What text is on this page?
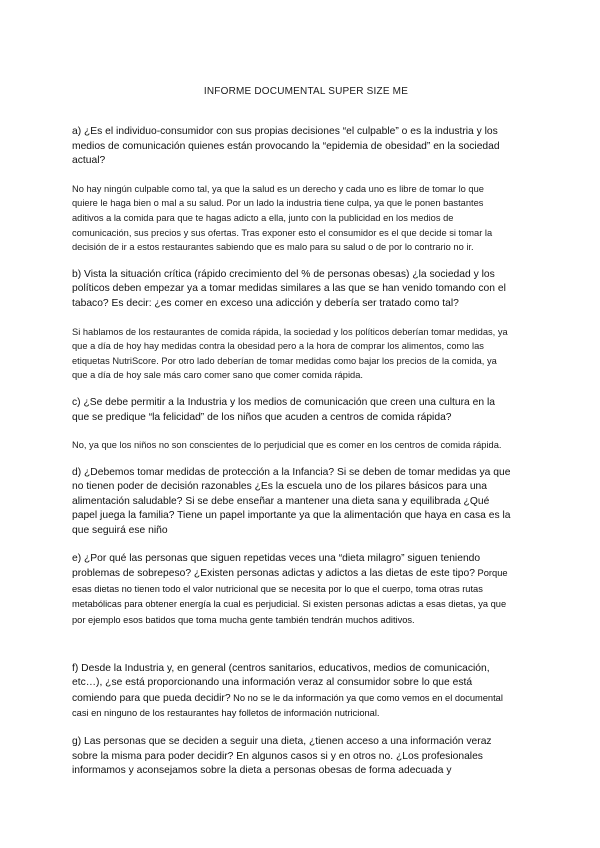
INFORME DOCUMENTAL SUPER SIZE ME

a) ¿Es el individuo-consumidor con sus propias decisiones “el culpable” o es la industria y los medios de comunicación quienes están provocando la “epidemia de obesidad” en la sociedad actual?

No hay ningún culpable como tal, ya que la salud es un derecho y cada uno es libre de tomar lo que quiere le haga bien o mal a su salud. Por un lado la industria tiene culpa, ya que le ponen bastantes aditivos a la comida para que te hagas adicto a ella, junto con la publicidad en los medios de comunicación, sus precios y sus ofertas. Tras exponer esto el consumidor es el que decide si tomar la decisión de ir a estos restaurantes sabiendo que es malo para su salud o de por lo contrario no ir.

b) Vista la situación crítica (rápido crecimiento del % de personas obesas) ¿la sociedad y los políticos deben empezar ya a tomar medidas similares a las que se han venido tomando con el tabaco? Es decir: ¿es comer en exceso una adicción y debería ser tratado como tal?

Si hablamos de los restaurantes de comida rápida, la sociedad y los políticos deberían tomar medidas, ya que a día de hoy hay medidas contra la obesidad pero a la hora de comprar los alimentos, como las etiquetas NutriScore. Por otro lado deberían de tomar medidas como bajar los precios de la comida, ya que a día de hoy sale más caro comer sano que comer comida rápida.

c) ¿Se debe permitir a la Industria y los medios de comunicación que creen una cultura en la que se predique “la felicidad” de los niños que acuden a centros de comida rápida?

No, ya que los niños no son conscientes de lo perjudicial que es comer en los centros de comida rápida.

d) ¿Debemos tomar medidas de protección a la Infancia? Si se deben de tomar medidas ya que no tienen poder de decisión razonables ¿Es la escuela uno de los pilares básicos para una alimentación saludable? Si se debe enseñar a mantener una dieta sana y equilibrada ¿Qué papel juega la familia? Tiene un papel importante ya que la alimentación que haya en casa es la que seguirá ese niño

e) ¿Por qué las personas que siguen repetidas veces una “dieta milagro” siguen teniendo problemas de sobrepeso? ¿Existen personas adictas y adictos a las dietas de este tipo? Porque esas dietas no tienen todo el valor nutricional que se necesita por lo que el cuerpo, toma otras rutas metabólicas para obtener energía la cual es perjudicial. Si existen personas adictas a esas dietas, ya que por ejemplo esos batidos que toma mucha gente también tendrán muchos aditivos.

f) Desde la Industria y, en general (centros sanitarios, educativos, medios de comunicación, etc…), ¿se está proporcionando una información veraz al consumidor sobre lo que está comiendo para que pueda decidir? No no se le da información ya que como vemos en el documental casi en ninguno de los restaurantes hay folletos de información nutricional.

g) Las personas que se deciden a seguir una dieta, ¿tienen acceso a una información veraz sobre la misma para poder decidir? En algunos casos si y en otros no. ¿Los profesionales informamos y aconsejamos sobre la dieta a personas obesas de forma adecuada y
